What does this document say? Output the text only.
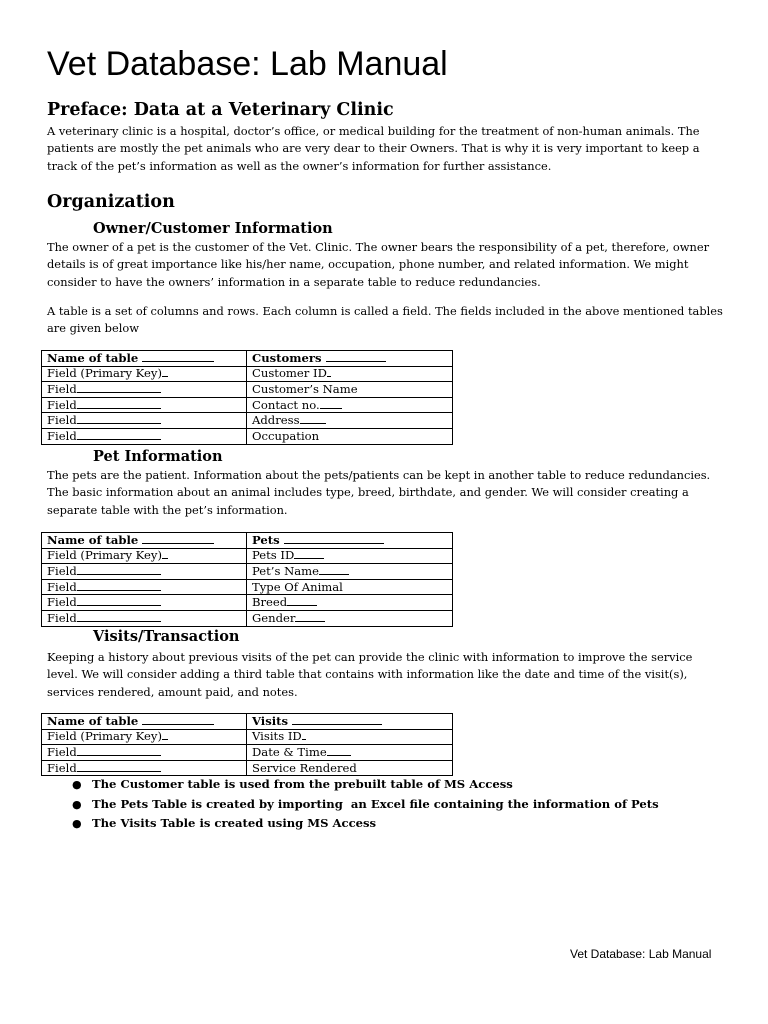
Vet Database: Lab Manual
Preface: Data at a Veterinary Clinic

A veterinary clinic is a hospital, doctor’s office, or medical building for the treatment of non-human animals. The
patients are mostly the pet animals who are very dear to their Owners. That is why it is very important to keep a
track of the pet’s information as well as the owner’s information for further assistance.

Organization
Owner/Customer Information

The owner of a pet is the customer of the Vet. Clinic. The owner bears the responsibility of a pet, therefore, owner
details is of great importance like his/her name, occupation, phone number, and related information. We might
consider to have the owners’ information in a separate table to reduce redundancies.

A table is a set of columns and rows. Each column is called a field. The fields included in the above mentioned tables
are given below

Name of table	Customers
Field (Primary Key)	Customer ID
Field	Customer’s Name
Field	Contact no.
Field	Address
Field	Occupation
Pet Information

The pets are the patient. Information about the pets/patients can be kept in another table to reduce redundancies.
The basic information about an animal includes type, breed, birthdate, and gender. We will consider creating a
separate table with the pet’s information.

Name of table	Pets
Field (Primary Key)	Pets ID
Field	Pet’s Name
Field	Type Of Animal
Field	Breed
Field	Gender
Visits/Transaction

Keeping a history about previous visits of the pet can provide the clinic with information to improve the service
level. We will consider adding a third table that contains with information like the date and time of the visit(s),
services rendered, amount paid, and notes.

Name of table	Visits
Field (Primary Key)	Visits ID
Field	Date & Time
Field	Service Rendered
● The Customer table is used from the prebuilt table of MS Access
● The Pets Table is created by importing  an Excel file containing the information of Pets
● The Visits Table is created using MS Access
Vet Database: Lab Manual
